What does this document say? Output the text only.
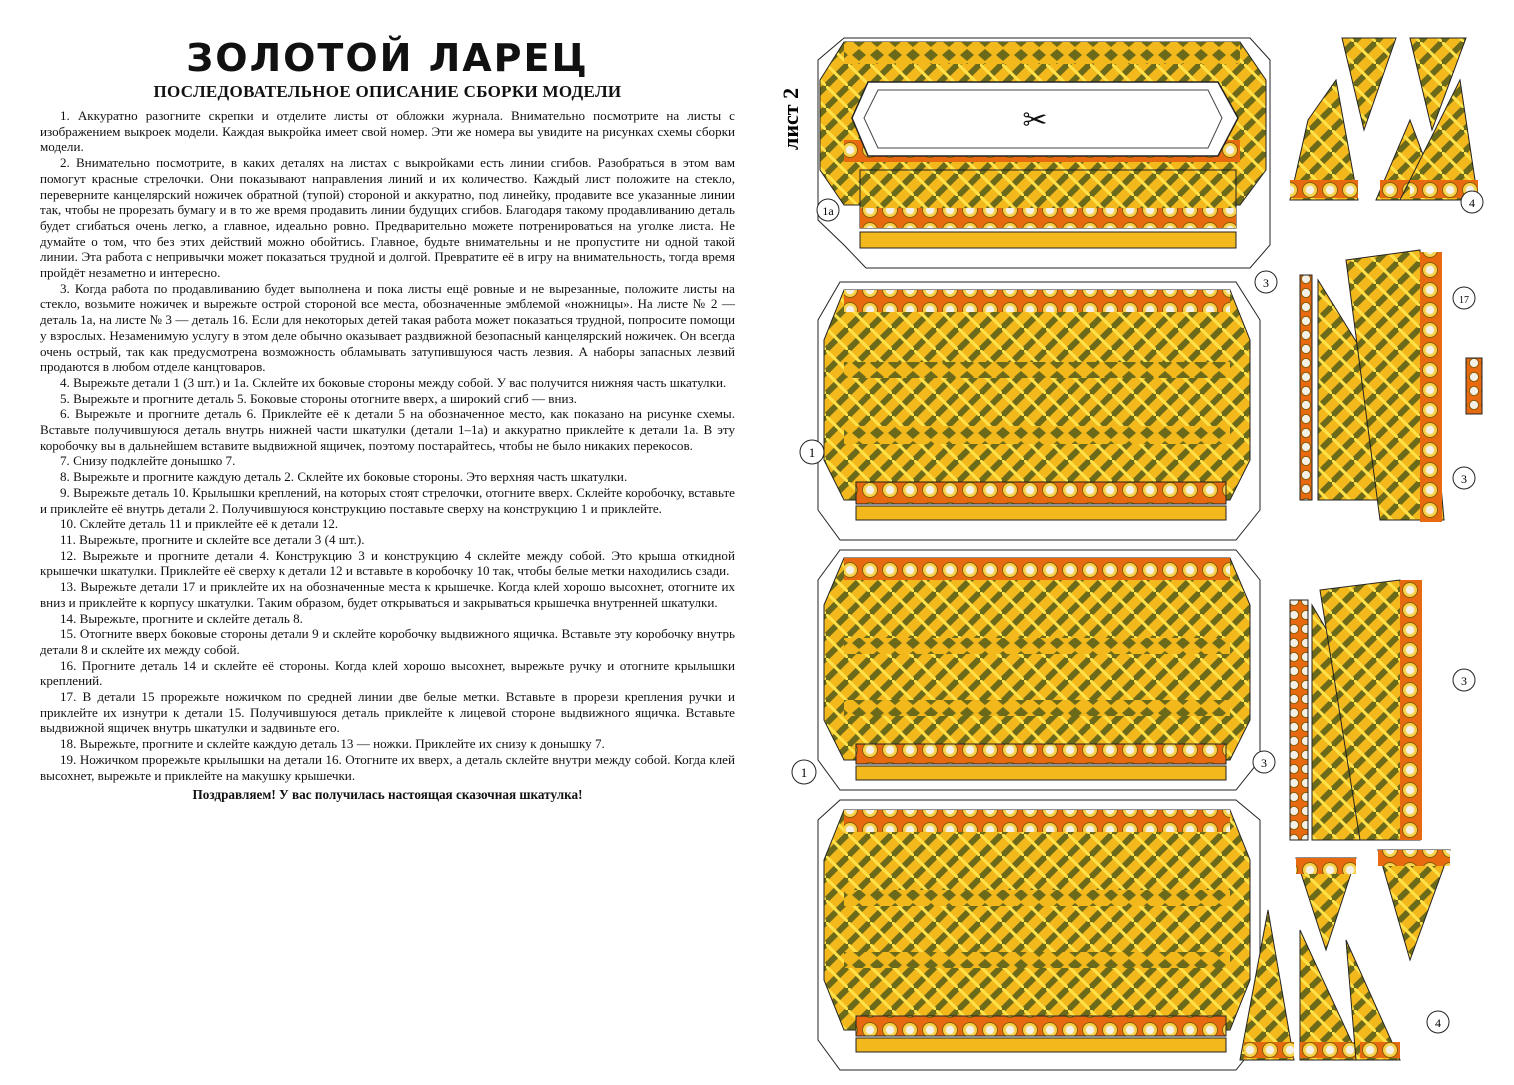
ЗОЛОТОЙ ЛАРЕЦ
ПОСЛЕДОВАТЕЛЬНОЕ ОПИСАНИЕ СБОРКИ МОДЕЛИ

1. Аккуратно разогните скрепки и отделите листы от обложки журнала. Внимательно посмотрите на листы с изображением выкроек модели. Каждая выкройка имеет свой номер. Эти же номера вы увидите на рисунках схемы сборки модели.

2. Внимательно посмотрите, в каких деталях на листах с выкройками есть линии сгибов. Разобраться в этом вам помогут красные стрелочки. Они показывают направления линий и их количество. Каждый лист положите на стекло, переверните канцелярский ножичек обратной (тупой) стороной и аккуратно, под линейку, продавите все указанные линии так, чтобы не прорезать бумагу и в то же время продавить линии будущих сгибов. Благодаря такому продавливанию деталь будет сгибаться очень легко, а главное, идеально ровно. Предварительно можете потренироваться на уголке листа. Не думайте о том, что без этих действий можно обойтись. Главное, будьте внимательны и не пропустите ни одной такой линии. Эта работа с непривычки может показаться трудной и долгой. Превратите её в игру на внимательность, тогда время пройдёт незаметно и интересно.

3. Когда работа по продавливанию будет выполнена и пока листы ещё ровные и не вырезанные, положите листы на стекло, возьмите ножичек и вырежьте острой стороной все места, обозначенные эмблемой «ножницы». На листе № 2 — деталь 1а, на листе № 3 — деталь 16. Если для некоторых детей такая работа может показаться трудной, попросите помощи у взрослых. Незаменимую услугу в этом деле обычно оказывает раздвижной безопасный канцелярский ножичек. Он всегда очень острый, так как предусмотрена возможность обламывать затупившуюся часть лезвия. А наборы запасных лезвий продаются в любом отделе канцтоваров.

4. Вырежьте детали 1 (3 шт.) и 1а. Склейте их боковые стороны между собой. У вас получится нижняя часть шкатулки.

5. Вырежьте и прогните деталь 5. Боковые стороны отогните вверх, а широкий сгиб — вниз.

6. Вырежьте и прогните деталь 6. Приклейте её к детали 5 на обозначенное место, как показано на рисунке схемы. Вставьте получившуюся деталь внутрь нижней части шкатулки (детали 1–1а) и аккуратно приклейте к детали 1а. В эту коробочку вы в дальнейшем вставите выдвижной ящичек, поэтому постарайтесь, чтобы не было никаких перекосов.

7. Снизу подклейте донышко 7.

8. Вырежьте и прогните каждую деталь 2. Склейте их боковые стороны. Это верхняя часть шкатулки.

9. Вырежьте деталь 10. Крылышки креплений, на которых стоят стрелочки, отогните вверх. Склейте коробочку, вставьте и приклейте её внутрь детали 2. Получившуюся конструкцию поставьте сверху на конструкцию 1 и приклейте.

10. Склейте деталь 11 и приклейте её к детали 12.

11. Вырежьте, прогните и склейте все детали 3 (4 шт.).

12. Вырежьте и прогните детали 4. Конструкцию 3 и конструкцию 4 склейте между собой. Это крыша откидной крышечки шкатулки. Приклейте её сверху к детали 12 и вставьте в коробочку 10 так, чтобы белые метки находились сзади.

13. Вырежьте детали 17 и приклейте их на обозначенные места к крышечке. Когда клей хорошо высохнет, отогните их вниз и приклейте к корпусу шкатулки. Таким образом, будет открываться и закрываться крышечка внутренней шкатулки.

14. Вырежьте, прогните и склейте деталь 8.

15. Отогните вверх боковые стороны детали 9 и склейте коробочку выдвижного ящичка. Вставьте эту коробочку внутрь детали 8 и склейте их между собой.

16. Прогните деталь 14 и склейте её стороны. Когда клей хорошо высохнет, вырежьте ручку и отогните крылышки креплений.

17. В детали 15 прорежьте ножичком по средней линии две белые метки. Вставьте в прорези крепления ручки и приклейте их изнутри к детали 15. Получившуюся деталь приклейте к лицевой стороне выдвижного ящичка. Вставьте выдвижной ящичек внутрь шкатулки и задвиньте его.

18. Вырежьте, прогните и склейте каждую деталь 13 — ножки. Приклейте их снизу к донышку 7.

19. Ножичком прорежьте крылышки на детали 16. Отогните их вверх, а деталь склейте внутри между собой. Когда клей высохнет, вырежьте и приклейте на макушку крышечки.

Поздравляем! У вас получилась настоящая сказочная шкатулка!
лист 2	✂
1а
1
1
4
3
3
17
3
3
4
